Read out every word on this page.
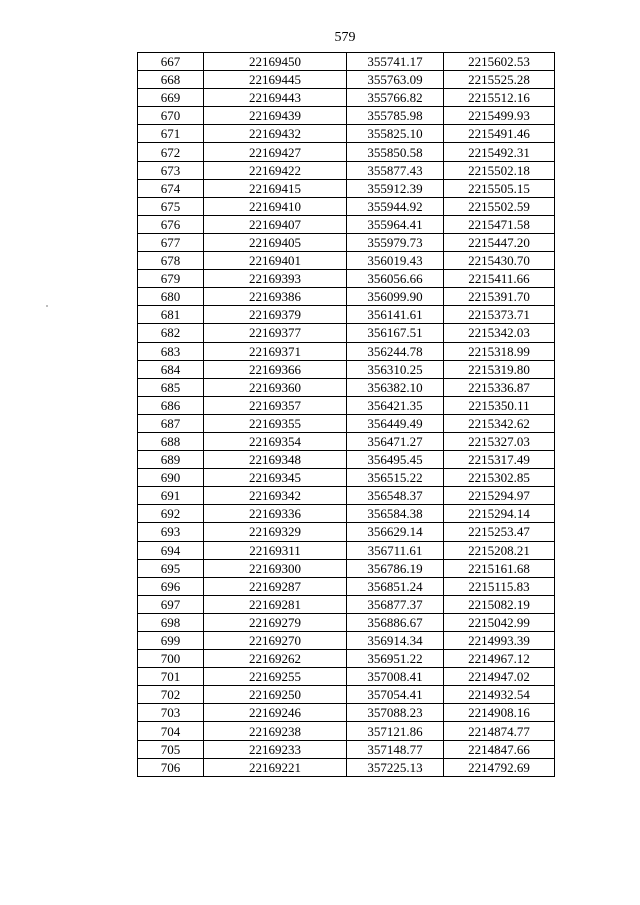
579
667	22169450	355741.17	2215602.53
668	22169445	355763.09	2215525.28
669	22169443	355766.82	2215512.16
670	22169439	355785.98	2215499.93
671	22169432	355825.10	2215491.46
672	22169427	355850.58	2215492.31
673	22169422	355877.43	2215502.18
674	22169415	355912.39	2215505.15
675	22169410	355944.92	2215502.59
676	22169407	355964.41	2215471.58
677	22169405	355979.73	2215447.20
678	22169401	356019.43	2215430.70
679	22169393	356056.66	2215411.66
680	22169386	356099.90	2215391.70
681	22169379	356141.61	2215373.71
682	22169377	356167.51	2215342.03
683	22169371	356244.78	2215318.99
684	22169366	356310.25	2215319.80
685	22169360	356382.10	2215336.87
686	22169357	356421.35	2215350.11
687	22169355	356449.49	2215342.62
688	22169354	356471.27	2215327.03
689	22169348	356495.45	2215317.49
690	22169345	356515.22	2215302.85
691	22169342	356548.37	2215294.97
692	22169336	356584.38	2215294.14
693	22169329	356629.14	2215253.47
694	22169311	356711.61	2215208.21
695	22169300	356786.19	2215161.68
696	22169287	356851.24	2215115.83
697	22169281	356877.37	2215082.19
698	22169279	356886.67	2215042.99
699	22169270	356914.34	2214993.39
700	22169262	356951.22	2214967.12
701	22169255	357008.41	2214947.02
702	22169250	357054.41	2214932.54
703	22169246	357088.23	2214908.16
704	22169238	357121.86	2214874.77
705	22169233	357148.77	2214847.66
706	22169221	357225.13	2214792.69
